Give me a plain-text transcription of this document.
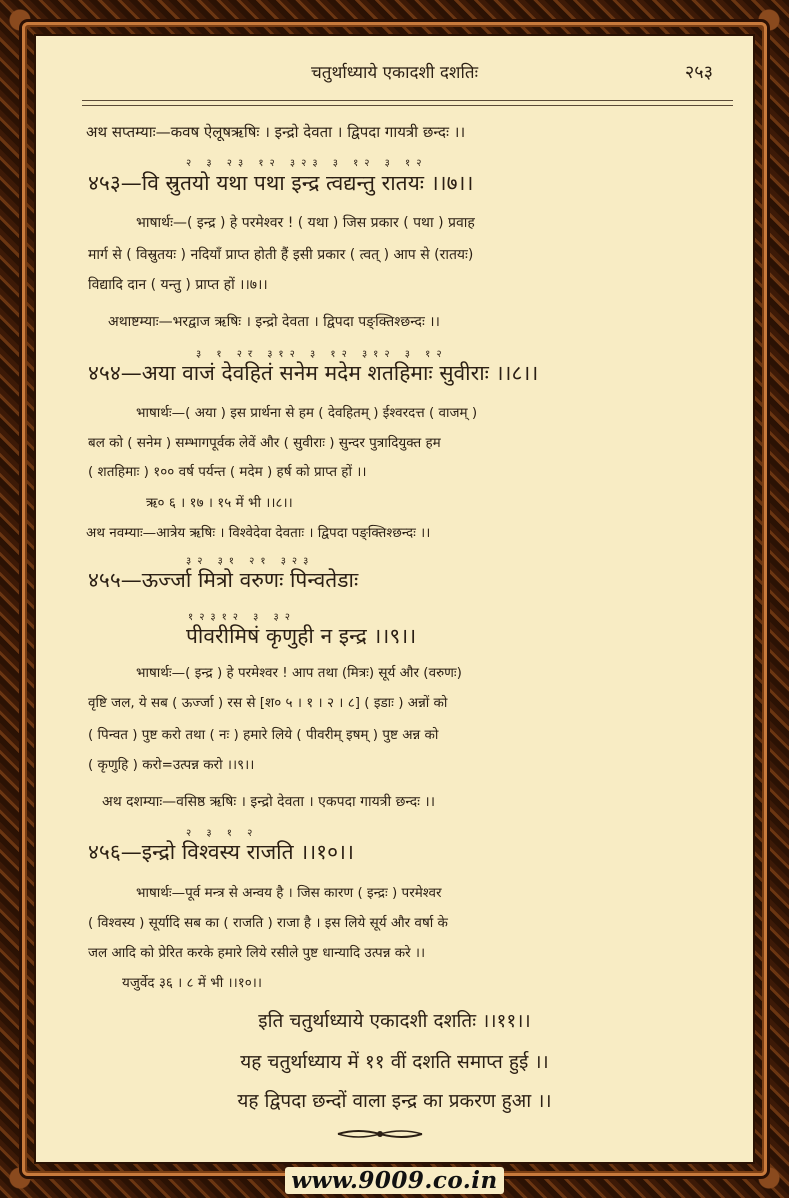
चतुर्थाध्याये एकादशी दशतिः	२५३
अथ सप्तम्याः—कवष ऐलूषऋषिः । इन्द्रो देवता । द्विपदा गायत्री छन्दः ।।
२ ३ २३ १२ ३२३ ३ १२ ३ १२
४५३—वि स्रुतयो यथा पथा इन्द्र त्वद्यन्तु रातयः ।।७।।
भाषार्थः—( इन्द्र ) हे परमेश्वर ! ( यथा ) जिस प्रकार ( पथा ) प्रवाह
मार्ग से ( विस्रुतयः ) नदियाँ प्राप्त होती हैं इसी प्रकार ( त्वत् ) आप से (रातयः)
विद्यादि दान ( यन्तु ) प्राप्त हों ।।७।।
अथाष्टम्याः—भरद्वाज ऋषिः । इन्द्रो देवता । द्विपदा पङ्क्तिश्छन्दः ।।
३ १ २र ३१२ ३ १२ ३१२ ३ १२
४५४—अया वाजं देवहितं सनेम मदेम शतहिमाः सुवीराः ।।८।।
भाषार्थः—( अया ) इस प्रार्थना से हम ( देवहितम् ) ईश्वरदत्त ( वाजम् )
बल को ( सनेम ) सम्भागपूर्वक लेवें और ( सुवीराः ) सुन्दर पुत्रादियुक्त हम
( शतहिमाः ) १०० वर्ष पर्यन्त ( मदेम ) हर्ष को प्राप्त हों ।।
ऋ० ६ । १७ । १५ में भी ।।८।।
अथ नवम्याः—आत्रेय ऋषिः । विश्वेदेवा देवताः । द्विपदा पङ्क्तिश्छन्दः ।।
३२ ३१ २१ ३२३
४५५—ऊर्ज्जा मित्रो वरुणः पिन्वतेडाः
१२३१२ ३ ३२
पीवरीमिषं कृणुही न इन्द्र ।।९।।
भाषार्थः—( इन्द्र ) हे परमेश्वर ! आप तथा (मित्रः) सूर्य और (वरुणः)
वृष्टि जल, ये सब ( ऊर्ज्जा ) रस से [श० ५ । १ । २ । ८] ( इडाः ) अन्नों को
( पिन्वत ) पुष्ट करो तथा ( नः ) हमारे लिये ( पीवरीम् इषम् ) पुष्ट अन्न को
( कृणुहि ) करो=उत्पन्न करो ।।९।।
अथ दशम्याः—वसिष्ठ ऋषिः । इन्द्रो देवता । एकपदा गायत्री छन्दः ।।
२ ३ १ २
४५६—इन्द्रो विश्वस्य राजति ।।१०।।
भाषार्थः—पूर्व मन्त्र से अन्वय है । जिस कारण ( इन्द्रः ) परमेश्वर
( विश्वस्य ) सूर्यादि सब का ( राजति ) राजा है । इस लिये सूर्य और वर्षा के
जल आदि को प्रेरित करके हमारे लिये रसीले पुष्ट धान्यादि उत्पन्न करे ।।
यजुर्वेद ३६ । ८ में भी ।।१०।।
इति चतुर्थाध्याये एकादशी दशतिः ।।११।।
यह चतुर्थाध्याय में ११ वीं दशति समाप्त हुई ।।
यह द्विपदा छन्दों वाला इन्द्र का प्रकरण हुआ ।।
www.9009.co.in
